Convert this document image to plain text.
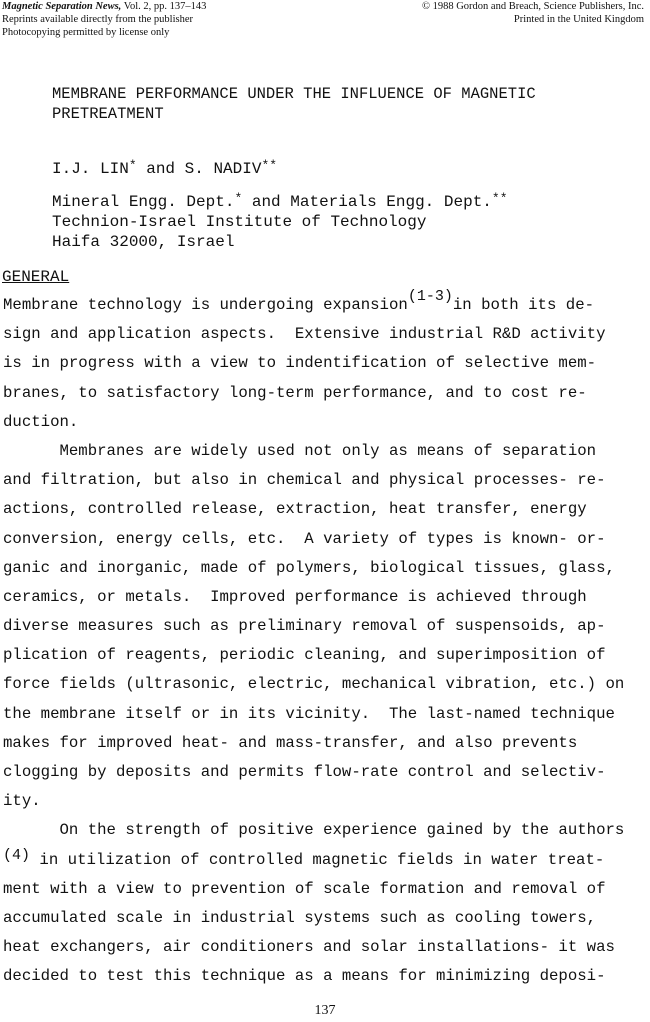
Magnetic Separation News, Vol. 2, pp. 137–143
Reprints available directly from the publisher
Photocopying permitted by license only
© 1988 Gordon and Breach, Science Publishers, Inc.
Printed in the United Kingdom
MEMBRANE PERFORMANCE UNDER THE INFLUENCE OF MAGNETIC
PRETREATMENT
I.J. LIN* and S. NADIV**
Mineral Engg. Dept.* and Materials Engg. Dept.**
Technion-Israel Institute of Technology
Haifa 32000, Israel
GENERAL
Membrane technology is undergoing expansion(1-3)in both its de-
sign and application aspects.  Extensive industrial R&D activity
is in progress with a view to indentification of selective mem-
branes, to satisfactory long-term performance, and to cost re-
duction.
Membranes are widely used not only as means of separation
and filtration, but also in chemical and physical processes- re-
actions, controlled release, extraction, heat transfer, energy
conversion, energy cells, etc.  A variety of types is known- or-
ganic and inorganic, made of polymers, biological tissues, glass,
ceramics, or metals.  Improved performance is achieved through
diverse measures such as preliminary removal of suspensoids, ap-
plication of reagents, periodic cleaning, and superimposition of
force fields (ultrasonic, electric, mechanical vibration, etc.) on
the membrane itself or in its vicinity.  The last-named technique
makes for improved heat- and mass-transfer, and also prevents
clogging by deposits and permits flow-rate control and selectiv-
ity.
On the strength of positive experience gained by the authors
(4) in utilization of controlled magnetic fields in water treat-
ment with a view to prevention of scale formation and removal of
accumulated scale in industrial systems such as cooling towers,
heat exchangers, air conditioners and solar installations- it was
decided to test this technique as a means for minimizing deposi-
137
